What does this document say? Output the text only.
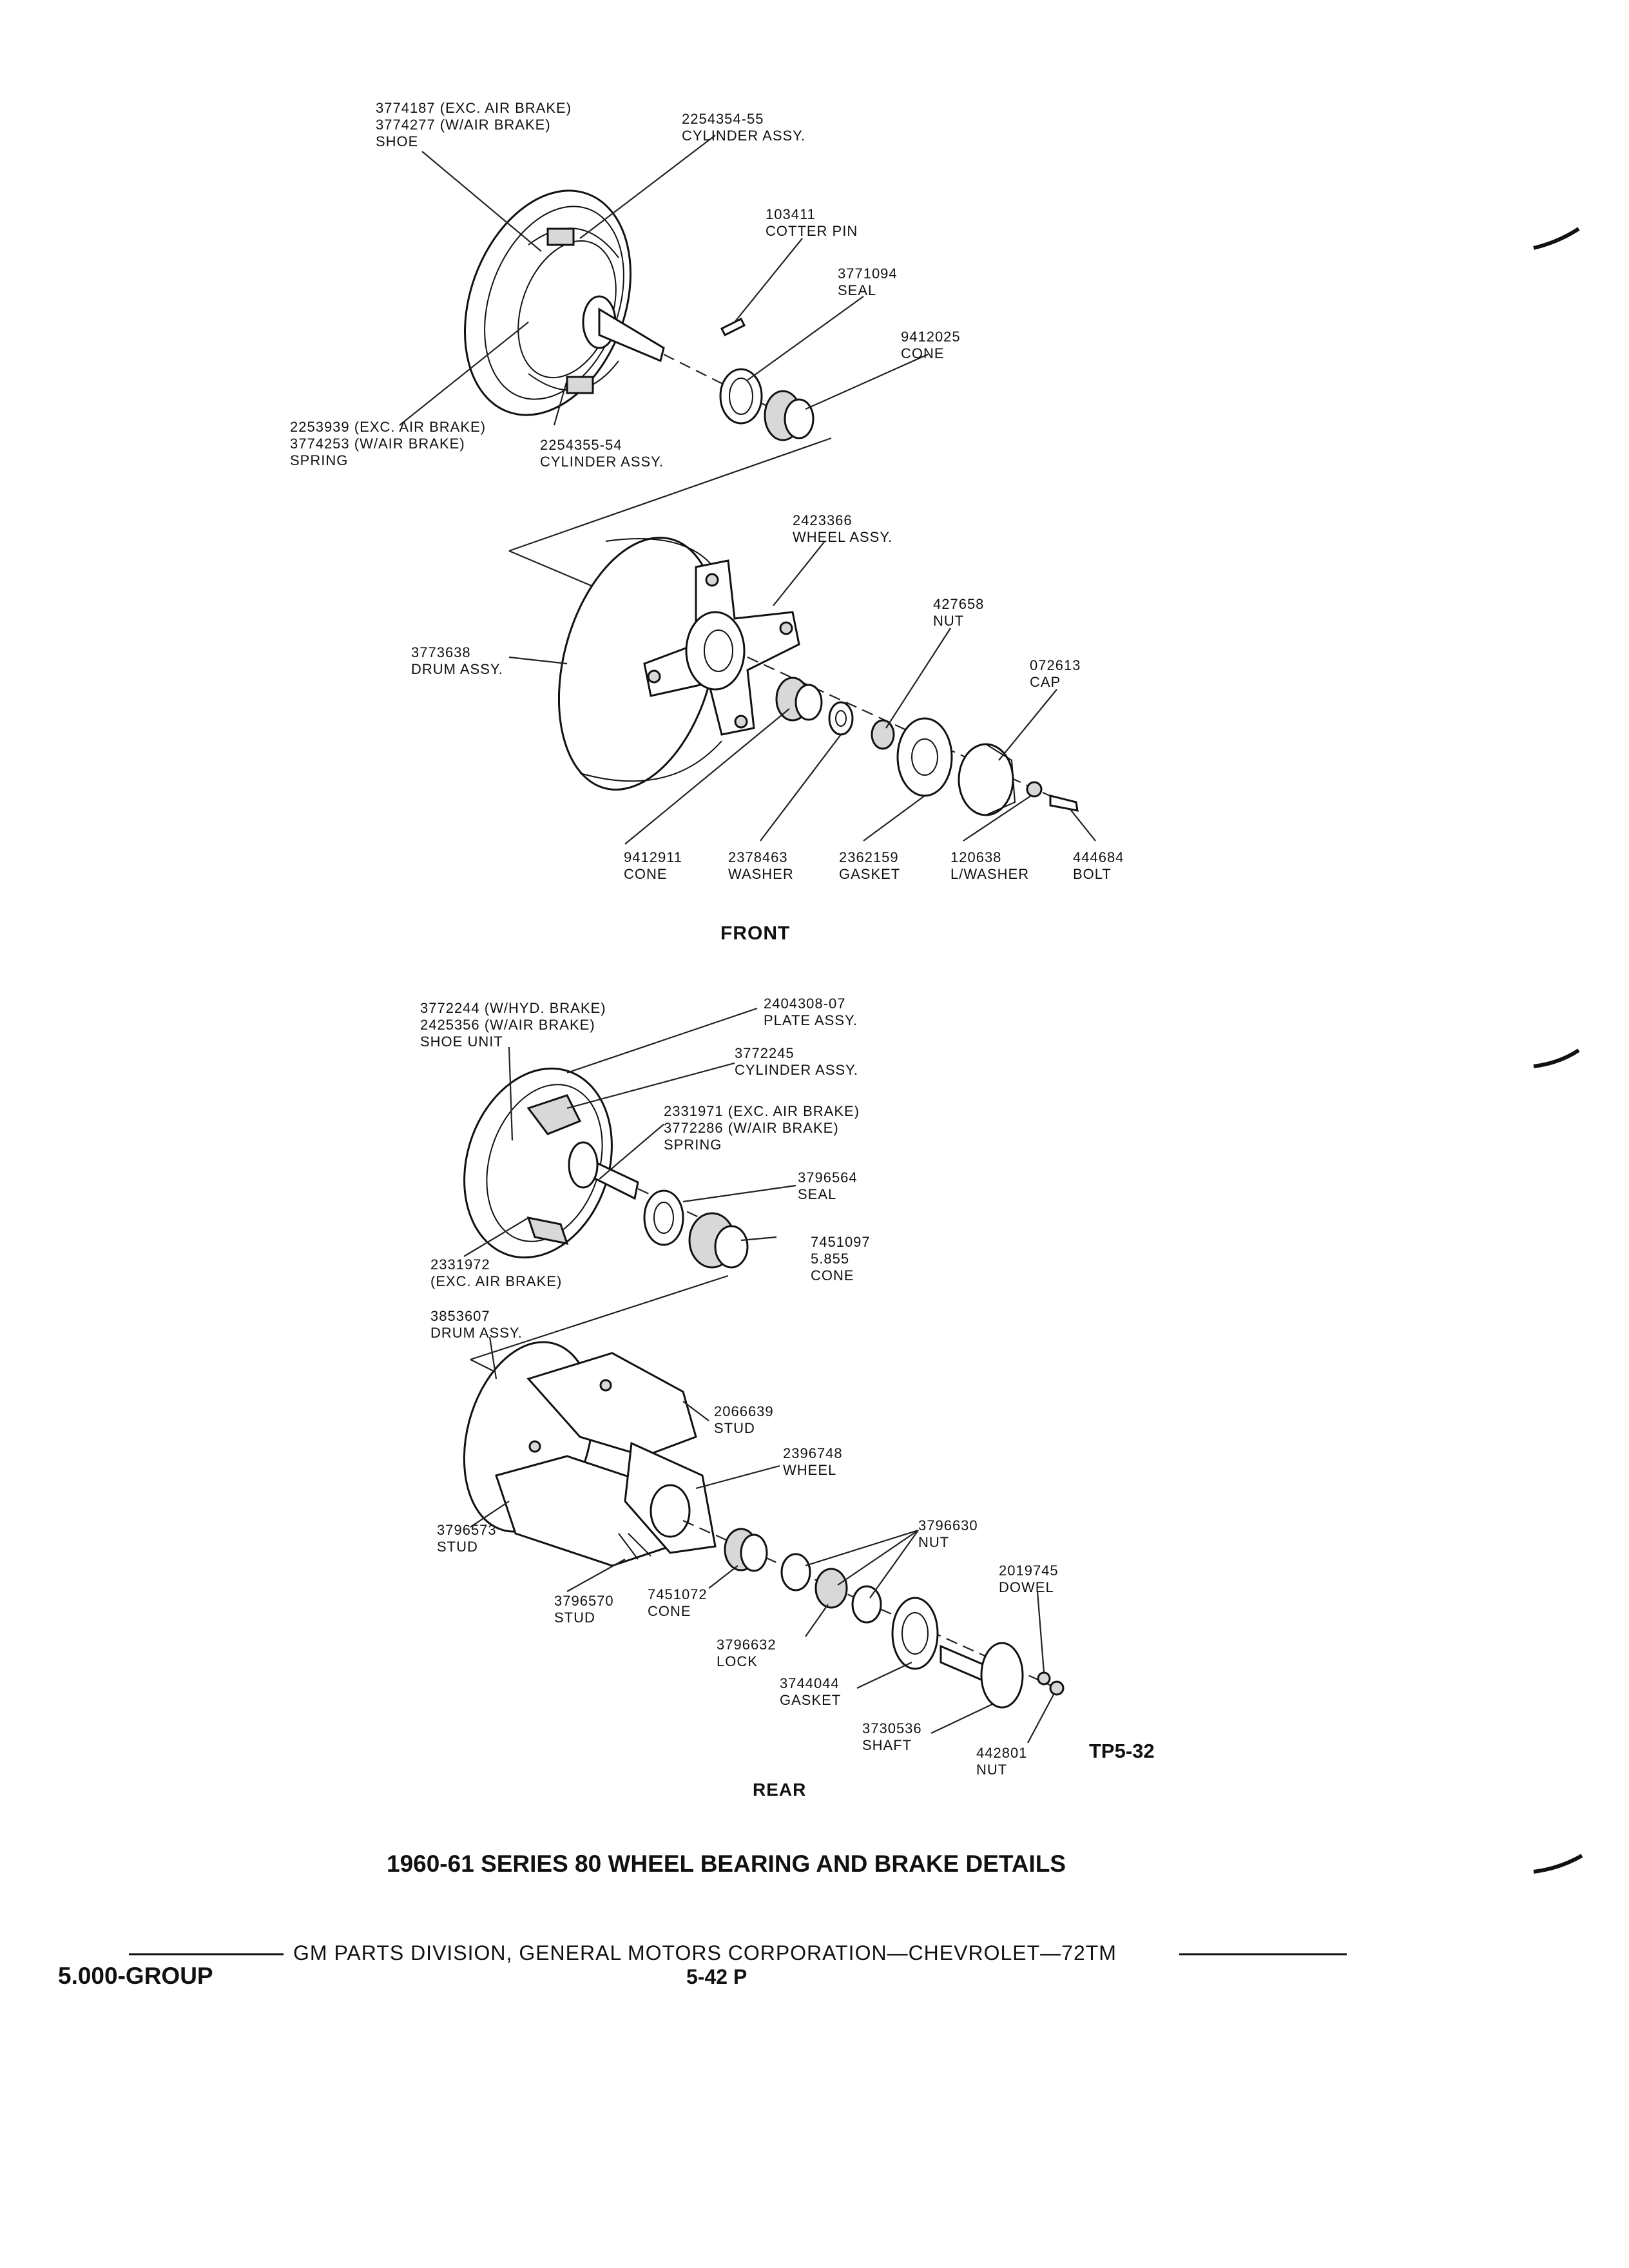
3774187 (EXC. AIR BRAKE)
3774277 (W/AIR BRAKE)
SHOE
2254354-55
CYLINDER ASSY.
103411
COTTER PIN
3771094
SEAL
9412025
CONE
2253939 (EXC. AIR BRAKE)
3774253 (W/AIR BRAKE)
SPRING
2254355-54
CYLINDER ASSY.
2423366
WHEEL ASSY.
427658
NUT
3773638
DRUM ASSY.	072613
CAP
9412911
CONE
2378463
WASHER
2362159
GASKET
120638
L/WASHER
444684
BOLT
FRONT
3772244 (W/HYD. BRAKE)
2425356 (W/AIR BRAKE)
SHOE UNIT
2404308-07
PLATE ASSY.
3772245
CYLINDER ASSY.
2331971 (EXC. AIR BRAKE)
3772286 (W/AIR BRAKE)
SPRING
3796564
SEAL
7451097
5.855
CONE
2331972
(EXC. AIR BRAKE)
3853607
DRUM ASSY.
2066639
STUD
2396748
WHEEL
3796573
STUD
3796630
NUT
2019745
DOWEL
3796570
STUD
7451072
CONE
3796632
LOCK
3744044
GASKET
3730536
SHAFT	442801
NUT
TP5-32
REAR
1960-61 SERIES 80 WHEEL BEARING AND BRAKE DETAILS
GM PARTS DIVISION, GENERAL MOTORS CORPORATION—CHEVROLET—72TM
5.000-GROUP	5-42 P
